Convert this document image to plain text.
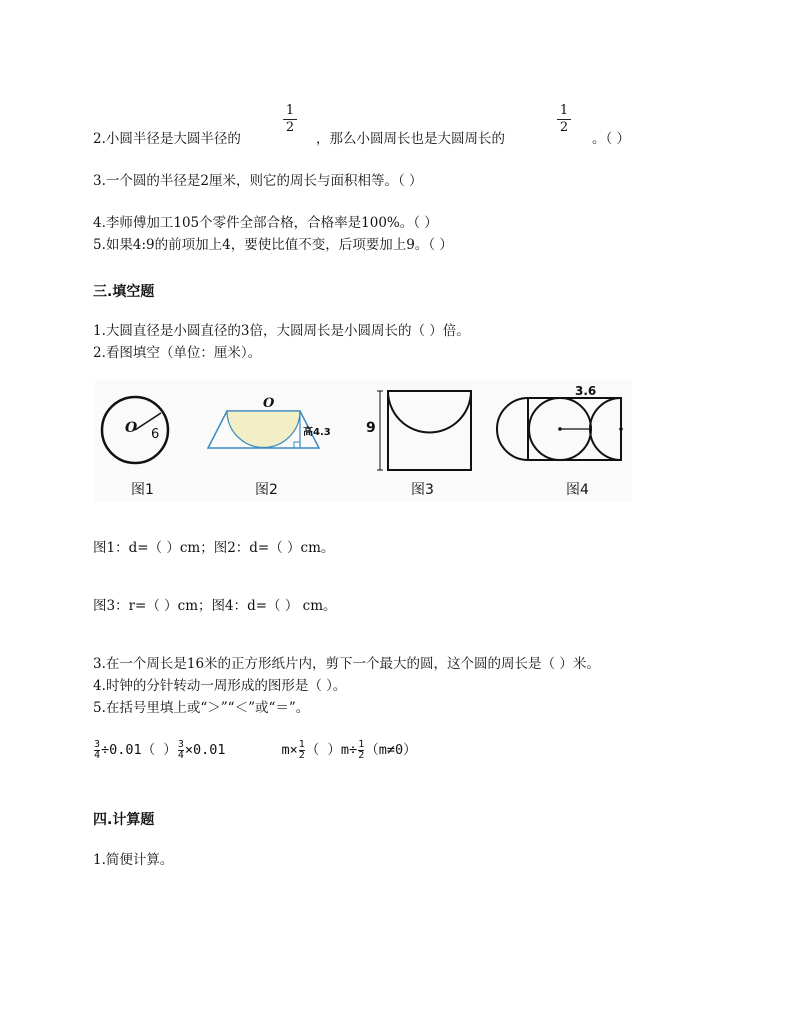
2.小圆半径是大圆半径的
1
2
，那么小圆周长也是大圆周长的
1
2
。（ ）
3.一个圆的半径是2厘米，则它的周长与面积相等。（ ）
4.李师傅加工105个零件全部合格，合格率是100%。（ ）
5.如果4:9的前项加上4，要使比值不变，后项要加上9。（ ）
三.填空题
1.大圆直径是小圆直径的3倍，大圆周长是小圆周长的（ ）倍。
2.看图填空（单位：厘米）。
O 6
O
高4.3	9
3.6
图1	图2	图3	图4
图1：d=（ ）cm；图2：d=（ ）cm。
图3：r=（ ）cm；图4：d=（ ） cm。
3.在一个周长是16米的正方形纸片内，剪下一个最大的圆，这个圆的周长是（ ）米。
4.时钟的分针转动一周形成的图形是（ ）。
5.在括号里填上或“＞”“＜”或“＝”。
$\frac{3}{4}\div 0.01$（ ）$\frac{3}{4}\times 0.01$	$m\times\frac{1}{2}$（ ）$m\div\frac{1}{2}(m\ne 0)$
四.计算题
1.简便计算。
